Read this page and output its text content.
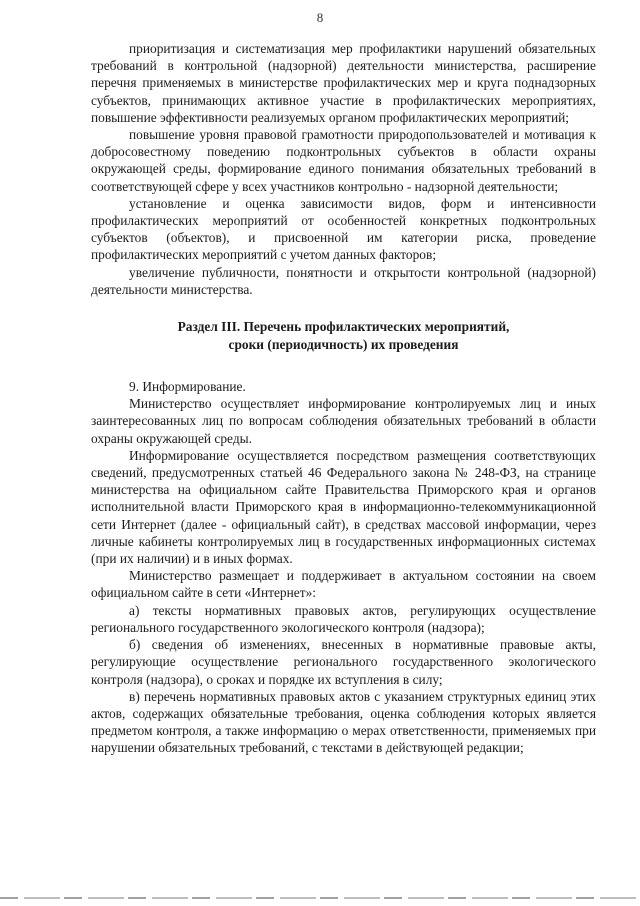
8

приоритизация и систематизация мер профилактики нарушений обязательных требований в контрольной (надзорной) деятельности министерства, расширение перечня применяемых в министерстве профилактических мер и круга поднадзорных субъектов, принимающих активное участие в профилактических мероприятиях, повышение эффективности реализуемых органом профилактических мероприятий;

повышение уровня правовой грамотности природопользователей и мотивация к добросовестному поведению подконтрольных субъектов в области охраны окружающей среды, формирование единого понимания обязательных требований в соответствующей сфере у всех участников контрольно - надзорной деятельности;

установление и оценка зависимости видов, форм и интенсивности профилактических мероприятий от особенностей конкретных подконтрольных субъектов (объектов), и присвоенной им категории риска, проведение профилактических мероприятий с учетом данных факторов;

увеличение публичности, понятности и открытости контрольной (надзорной) деятельности министерства.

Раздел III. Перечень профилактических мероприятий,
сроки (периодичность) их проведения

9. Информирование.

Министерство осуществляет информирование контролируемых лиц и иных заинтересованных лиц по вопросам соблюдения обязательных требований в области охраны окружающей среды.

Информирование осуществляется посредством размещения соответствующих сведений, предусмотренных статьей 46 Федерального закона № 248-ФЗ, на странице министерства на официальном сайте Правительства Приморского края и органов исполнительной власти Приморского края в информационно-телекоммуникационной сети Интернет (далее - официальный сайт), в средствах массовой информации, через личные кабинеты контролируемых лиц в государственных информационных системах (при их наличии) и в иных формах.

Министерство размещает и поддерживает в актуальном состоянии на своем официальном сайте в сети «Интернет»:

а) тексты нормативных правовых актов, регулирующих осуществление регионального государственного экологического контроля (надзора);

б) сведения об изменениях, внесенных в нормативные правовые акты, регулирующие осуществление регионального государственного экологического контроля (надзора), о сроках и порядке их вступления в силу;

в) перечень нормативных правовых актов с указанием структурных единиц этих актов, содержащих обязательные требования, оценка соблюдения которых является предметом контроля, а также информацию о мерах ответственности, применяемых при нарушении обязательных требований, с текстами в действующей редакции;
